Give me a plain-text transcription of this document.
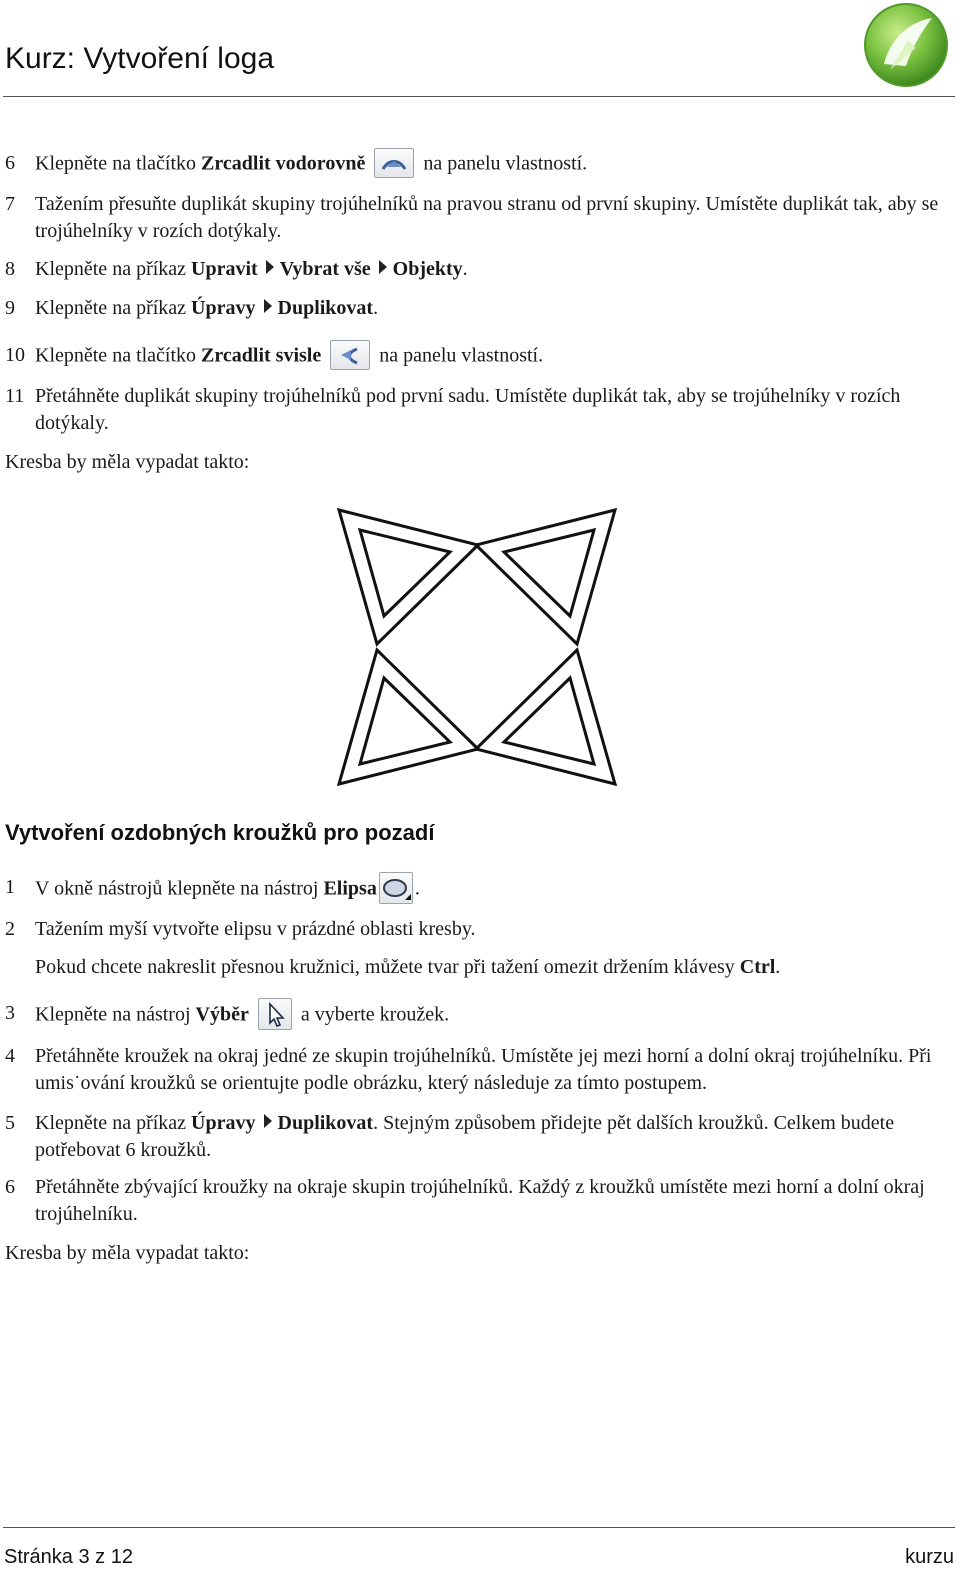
Kurz: Vytvoření loga
6	Klepněte na tlačítko Zrcadlit vodorovně	na panelu vlastností.
7	Tažením přesuňte duplikát skupiny trojúhelníků na pravou stranu od první skupiny. Umístěte duplikát tak, aby se trojúhelníky v rozích dotýkaly.
8	Klepněte na příkaz Upravit Vybrat vše Objekty.
9	Klepněte na příkaz Úpravy Duplikovat.
10 Klepněte na tlačítko Zrcadlit svisle	na panelu vlastností.
11 Přetáhněte duplikát skupiny trojúhelníků pod první sadu. Umístěte duplikát tak, aby se trojúhelníky v rozích dotýkaly.
Kresba by měla vypadat takto:
Vytvoření ozdobných kroužků pro pozadí
1	V okně nástrojů klepněte na nástroj Elipsa .
2	Tažením myší vytvořte elipsu v prázdné oblasti kresby.
Pokud chcete nakreslit přesnou kružnici, můžete tvar při tažení omezit držením klávesy Ctrl.
3	Klepněte na nástroj Výběr
a vyberte kroužek.
4	Přetáhněte kroužek na okraj jedné ze skupin trojúhelníků. Umístěte jej mezi horní a dolní okraj trojúhelníku. Při umis˙ování kroužků se orientujte podle obrázku, který následuje za tímto postupem.
5	Klepněte na příkaz Úpravy Duplikovat. Stejným způsobem přidejte pět dalších kroužků. Celkem budete potřebovat 6 kroužků.
6	Přetáhněte zbývající kroužky na okraje skupin trojúhelníků. Každý z kroužků umístěte mezi horní a dolní okraj trojúhelníku.
Kresba by měla vypadat takto:
Stránka 3 z 12	kurzu
